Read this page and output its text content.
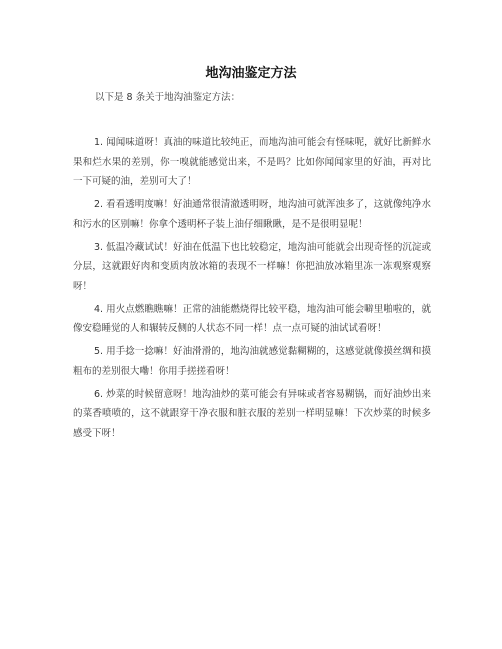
地沟油鉴定方法

以下是 8 条关于地沟油鉴定方法：

1. 闻闻味道呀！真油的味道比较纯正，而地沟油可能会有怪味呢，就好比新鲜水果和烂水果的差别，你一嗅就能感觉出来，不是吗？比如你闻闻家里的好油，再对比一下可疑的油，差别可大了！

2. 看看透明度嘛！好油通常很清澈透明呀，地沟油可就浑浊多了，这就像纯净水和污水的区别嘛！你拿个透明杯子装上油仔细瞅瞅，是不是很明显呢！

3. 低温冷藏试试！好油在低温下也比较稳定，地沟油可能就会出现奇怪的沉淀或分层，这就跟好肉和变质肉放冰箱的表现不一样嘛！你把油放冰箱里冻一冻观察观察呀！

4. 用火点燃瞧瞧嘛！正常的油能燃烧得比较平稳，地沟油可能会噼里啪啦的，就像安稳睡觉的人和辗转反侧的人状态不同一样！点一点可疑的油试试看呀！

5. 用手捻一捻嘛！好油滑滑的，地沟油就感觉黏糊糊的，这感觉就像摸丝绸和摸粗布的差别很大嘞！你用手搓搓看呀！

6. 炒菜的时候留意呀！地沟油炒的菜可能会有异味或者容易糊锅，而好油炒出来的菜香喷喷的，这不就跟穿干净衣服和脏衣服的差别一样明显嘛！下次炒菜的时候多感受下呀！
